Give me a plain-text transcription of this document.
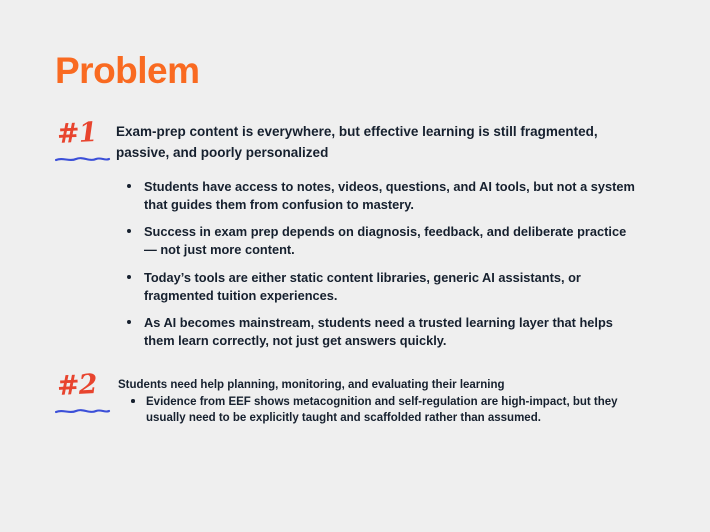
Problem
#1	Exam-prep content is everywhere, but effective learning is still fragmented, passive, and poorly personalized
Students have access to notes, videos, questions, and AI tools, but not a system that guides them from confusion to mastery.
Success in exam prep depends on diagnosis, feedback, and deliberate practice — not just more content.
Today’s tools are either static content libraries, generic AI assistants, or fragmented tuition experiences.
As AI becomes mainstream, students need a trusted learning layer that helps them learn correctly, not just get answers quickly.
#2	Students need help planning, monitoring, and evaluating their learning
Evidence from EEF shows metacognition and self-regulation are high-impact, but they usually need to be explicitly taught and scaffolded rather than assumed.
